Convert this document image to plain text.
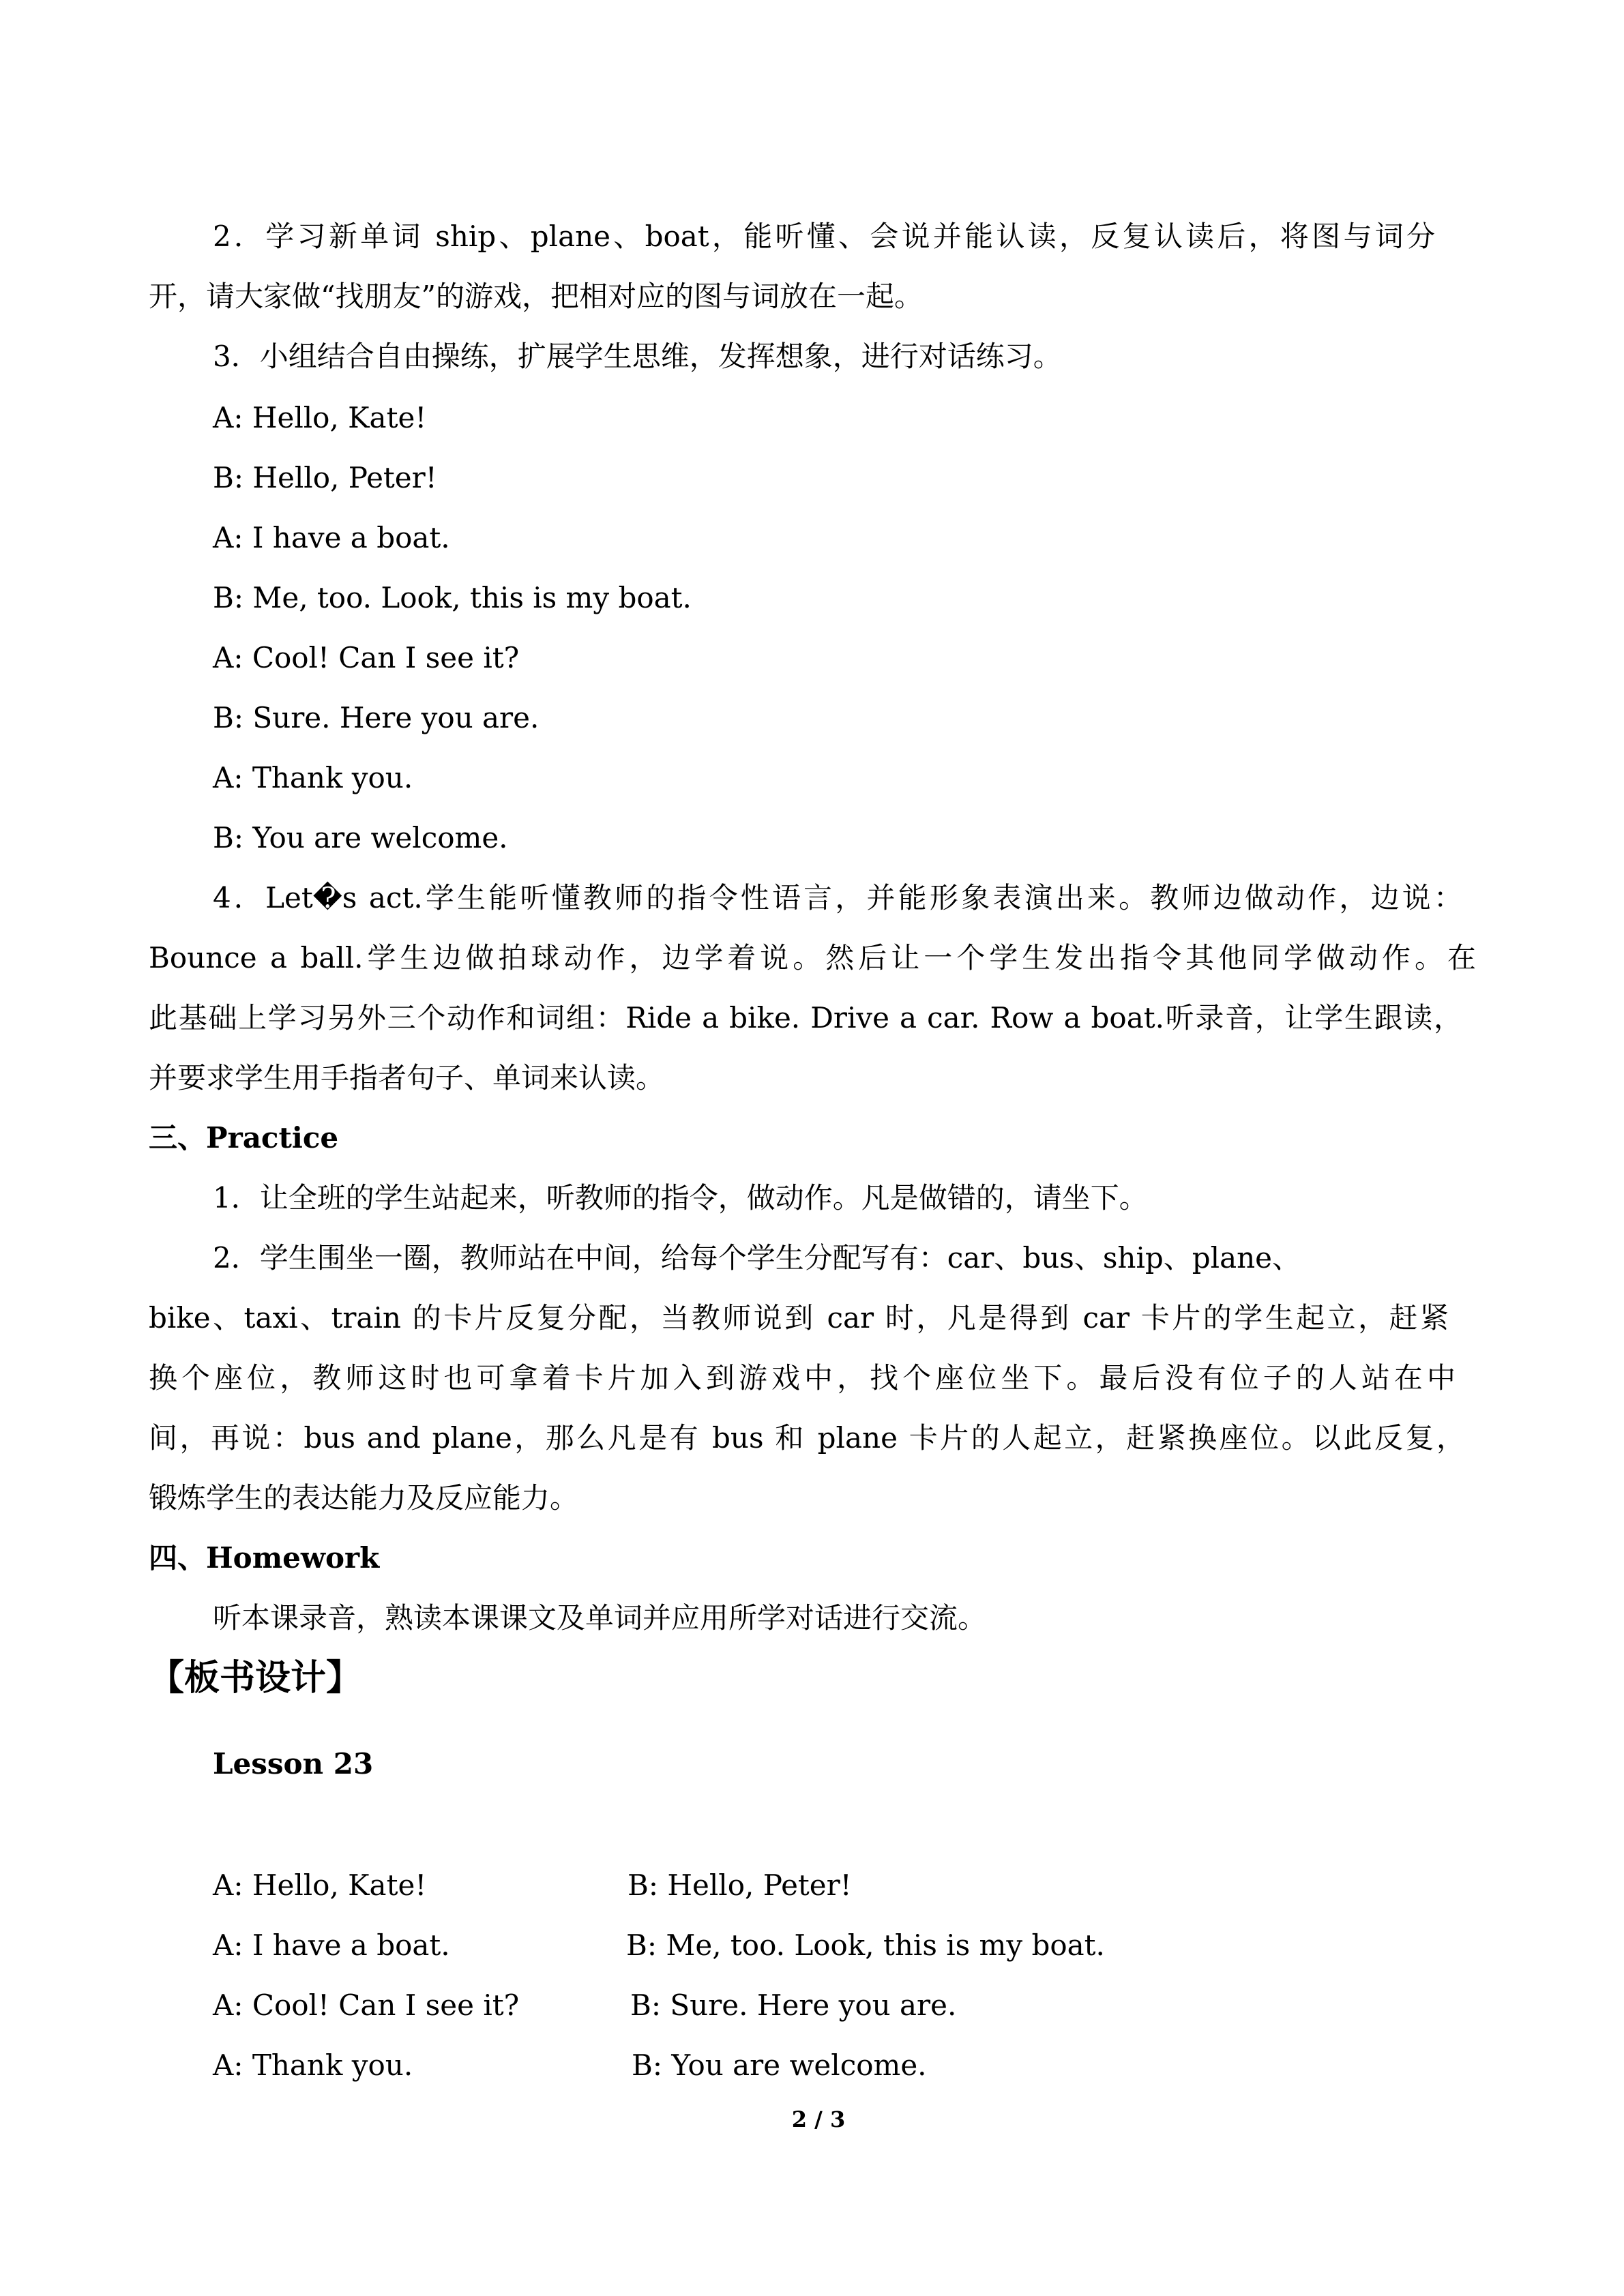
2．学习新单词 ship、plane、boat，能听懂、会说并能认读，反复认读后，将图与词分
开，请大家做“找朋友”的游戏，把相对应的图与词放在一起。
3．小组结合自由操练，扩展学生思维，发挥想象，进行对话练习。
A: Hello, Kate!
B: Hello, Peter!
A: I have a boat.
B: Me, too. Look, this is my boat.
A: Cool! Can I see it?
B: Sure. Here you are.
A: Thank you.
B: You are welcome.
4．Let�s act.学生能听懂教师的指令性语言，并能形象表演出来。教师边做动作，边说：
Bounce a ball.学生边做拍球动作，边学着说。然后让一个学生发出指令其他同学做动作。在
此基础上学习另外三个动作和词组：Ride a bike. Drive a car. Row a boat.听录音，让学生跟读，
并要求学生用手指者句子、单词来认读。
三、Practice
1．让全班的学生站起来，听教师的指令，做动作。凡是做错的，请坐下。
2．学生围坐一圈，教师站在中间，给每个学生分配写有：car、bus、ship、plane、
bike、taxi、train 的卡片反复分配，当教师说到 car 时，凡是得到 car 卡片的学生起立，赶紧
换个座位，教师这时也可拿着卡片加入到游戏中，找个座位坐下。最后没有位子的人站在中
间，再说：bus and plane，那么凡是有 bus 和 plane 卡片的人起立，赶紧换座位。以此反复，
锻炼学生的表达能力及反应能力。
四、Homework
听本课录音，熟读本课课文及单词并应用所学对话进行交流。
【板书设计】
Lesson 23
A: Hello, Kate!	B: Hello, Peter!
A: I have a boat.	B: Me, too. Look, this is my boat.
A: Cool! Can I see it?	B: Sure. Here you are.
A: Thank you.	B: You are welcome.
2 / 3
